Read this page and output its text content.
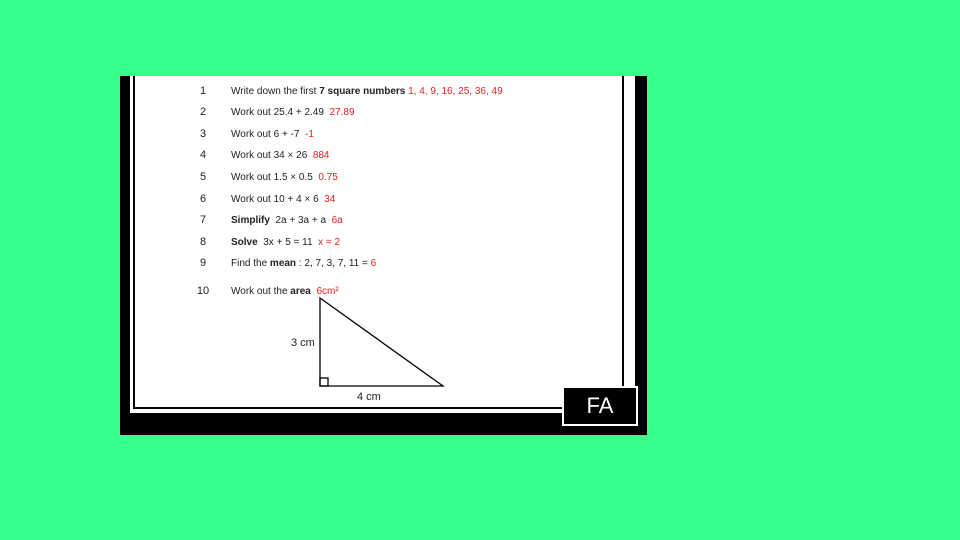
1	Write down the first 7 square numbers 1, 4, 9, 16, 25, 36, 49
2	Work out 25.4 + 2.49 27.89
3	Work out 6 + -7 -1
4	Work out 34 × 26 884
5	Work out 1.5 × 0.5 0.75
6	Work out 10 + 4 × 6 34
7	Simplify  2a + 3a + a  6a
8	Solve  3x + 5 = 11  x = 2
9	Find the mean : 2, 7, 3, 7, 11 = 6
10	Work out the area 6cm²
3 cm
4 cm	FA
